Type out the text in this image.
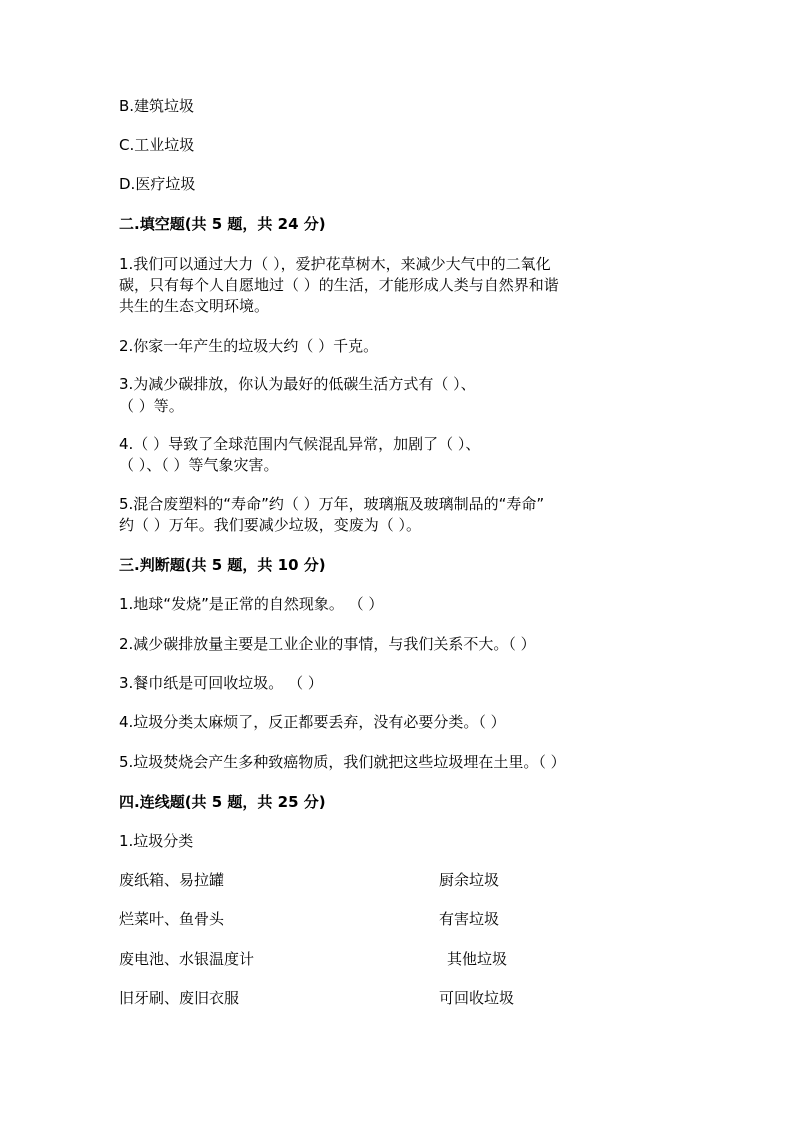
B.建筑垃圾
C.工业垃圾
D.医疗垃圾
二.填空题(共 5 题，共 24 分)
1.我们可以通过大力（ ），爱护花草树木，来减少大气中的二氧化
碳，只有每个人自愿地过（ ）的生活，才能形成人类与自然界和谐
共生的生态文明环境。
2.你家一年产生的垃圾大约（ ）千克。
3.为减少碳排放，你认为最好的低碳生活方式有（ ）、
（ ）等。
4.（ ）导致了全球范围内气候混乱异常，加剧了（ ）、
（ ）、（ ）等气象灾害。
5.混合废塑料的“寿命”约（ ）万年，玻璃瓶及玻璃制品的“寿命”
约（ ）万年。我们要减少垃圾，变废为（ ）。
三.判断题(共 5 题，共 10 分)
1.地球“发烧”是正常的自然现象。 （ ）
2.减少碳排放量主要是工业企业的事情，与我们关系不大。（ ）
3.餐巾纸是可回收垃圾。 （ ）
4.垃圾分类太麻烦了，反正都要丢弃，没有必要分类。（ ）
5.垃圾焚烧会产生多种致癌物质，我们就把这些垃圾埋在土里。（ ）
四.连线题(共 5 题，共 25 分)
1.垃圾分类
废纸箱、易拉罐	厨余垃圾
烂菜叶、鱼骨头	有害垃圾
废电池、水银温度计	其他垃圾
旧牙刷、废旧衣服	可回收垃圾
